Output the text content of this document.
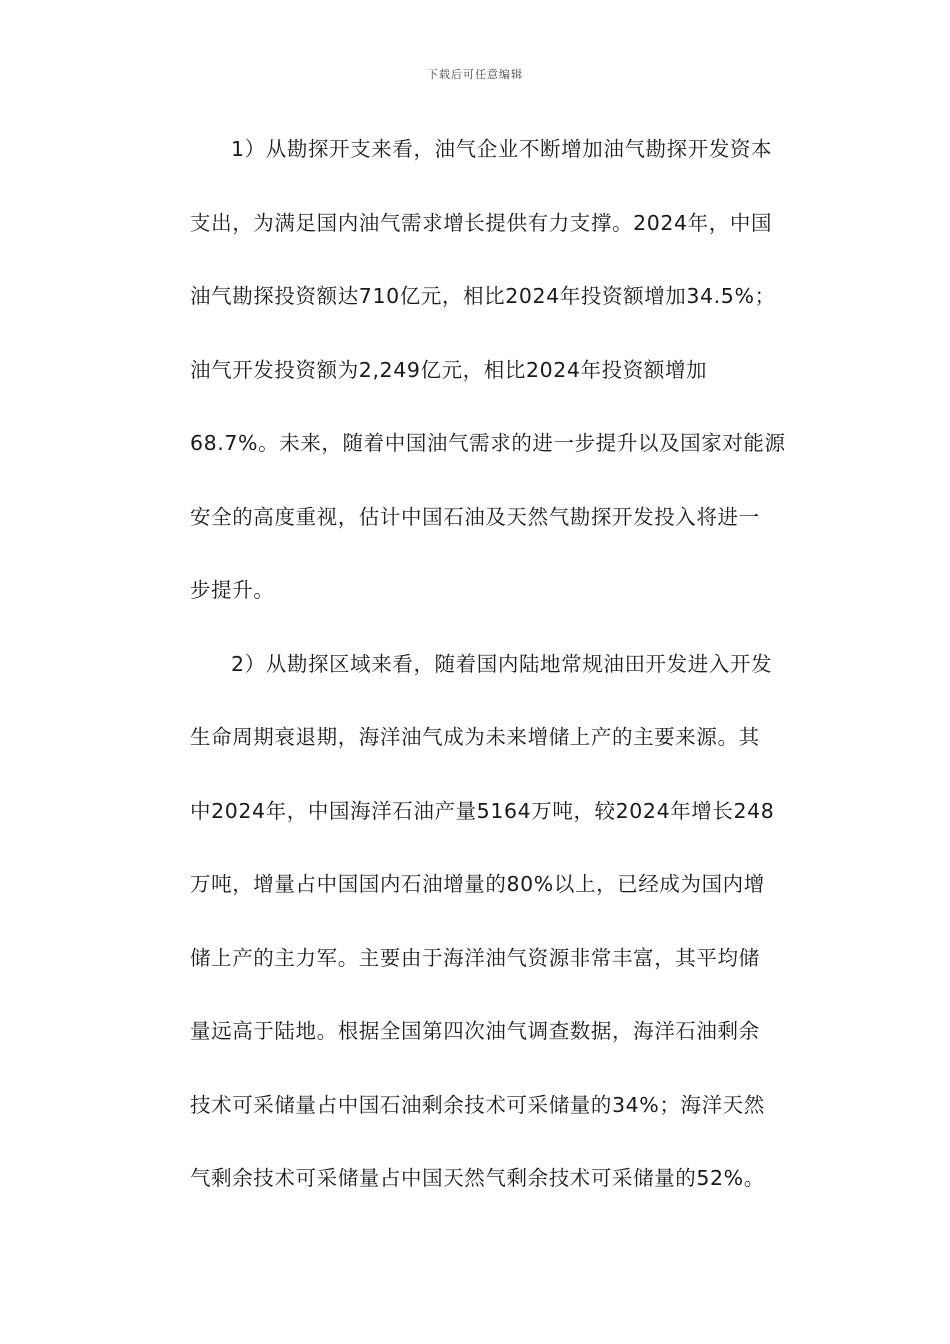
下载后可任意编辑
1）从勘探开支来看，油气企业不断增加油气勘探开发资本
支出，为满足国内油气需求增长提供有力支撑。2024年，中国
油气勘探投资额达710亿元，相比2024年投资额增加34.5%；
油气开发投资额为2,249亿元，相比2024年投资额增加
68.7%。未来，随着中国油气需求的进一步提升以及国家对能源
安全的高度重视，估计中国石油及天然气勘探开发投入将进一
步提升。
2）从勘探区域来看，随着国内陆地常规油田开发进入开发
生命周期衰退期，海洋油气成为未来增储上产的主要来源。其
中2024年，中国海洋石油产量5164万吨，较2024年增长248
万吨，增量占中国国内石油增量的80%以上，已经成为国内增
储上产的主力军。主要由于海洋油气资源非常丰富，其平均储
量远高于陆地。根据全国第四次油气调查数据，海洋石油剩余
技术可采储量占中国石油剩余技术可采储量的34%；海洋天然
气剩余技术可采储量占中国天然气剩余技术可采储量的52%。
